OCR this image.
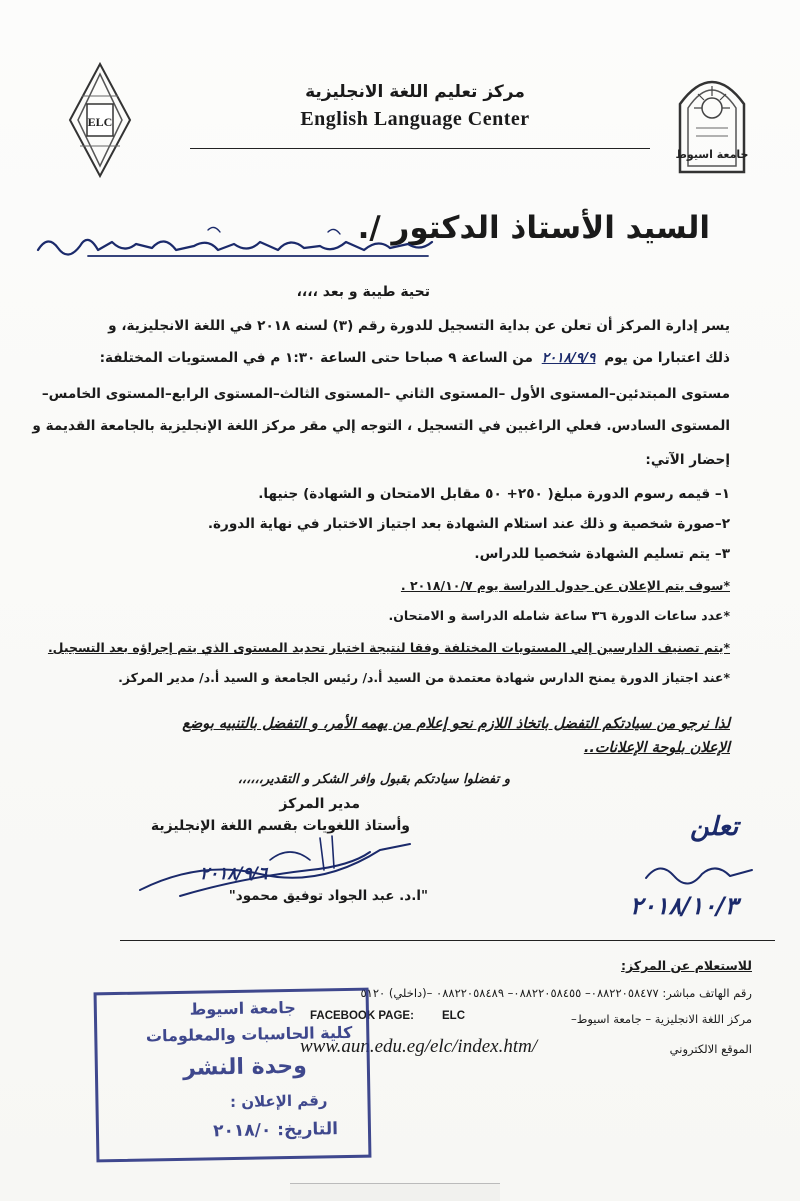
ELC
جامعة اسيوط
مركز تعليم اللغة الانجليزية
English Language Center
السيد الأستاذ الدكتور /.
تحية طيبة و بعد ،،،،
يسر إدارة المركز أن تعلن عن بداية التسجيل للدورة رقم (٣) لسنه ٢٠١٨ في اللغة الانجليزية، و
ذلك اعتبارا من يوم ٢٠١٨/٩/٩ من الساعة ٩ صباحا حتى الساعة ١:٣٠ م في المستويات المختلفة:
مستوى المبتدئين–المستوى الأول –المستوى الثاني –المستوى الثالث–المستوى الرابع–المستوى الخامس–
المستوى السادس. فعلي الراغبين في التسجيل ، التوجه إلي مقر مركز اللغة الإنجليزية بالجامعة القديمة و
إحضار الآتي:
١– قيمه رسوم الدورة مبلغ( ٢٥٠+ ٥٠ مقابل الامتحان و الشهادة) جنيها.
٢–صورة شخصية و ذلك عند استلام الشهادة بعد اجتياز الاختبار في نهاية الدورة.
٣– يتم تسليم الشهادة شخصيا للدراس.
*سوف يتم الإعلان عن جدول الدراسة يوم ٢٠١٨/١٠/٧ .
*عدد ساعات الدورة ٣٦ ساعة شامله الدراسة و الامتحان.
*يتم تصنيف الدارسين إلي المستويات المختلفة وفقا لنتيجة اختبار تحديد المستوى الذي يتم إجراؤه بعد التسجيل.
*عند اجتياز الدورة يمنح الدارس شهادة معتمدة من السيد أ.د/ رئيس الجامعة و السيد أ.د/ مدير المركز.
لذا نرجو من سيادتكم التفضل باتخاذ اللازم نحو إعلام من يهمه الأمر، و التفضل بالتنبيه بوضع
الإعلان بلوحة الإعلانات..
و تفضلوا سيادتكم بقبول وافر الشكر و التقدير،،،،،،
مدير المركز
وأستاذ اللغويات بقسم اللغة الإنجليزية
٢٠١٨/٩/٦
"ا.د. عبد الجواد توفيق محمود"
تعلن
٢٠١٨/١٠/٣
للاستعلام عن المركز:
رقم الهاتف مباشر: ٠٨٨٢٢٠٥٨٤٧٧– ٠٨٨٢٢٠٥٨٤٥٥– ٠٨٨٢٢٠٥٨٤٨٩ –(داخلي) ٥١٢٠
FACEBOOK PAGE: ELC	مركز اللغة الانجليزية – جامعة اسيوط–
www.aun.edu.eg/elc/index.htm/	الموقع الالكتروني
جامعة اسيوط
كلية الحاسبات والمعلومات
وحدة النشر
رقم الإعلان :
التاريخ: ٢٠١٨/٠
